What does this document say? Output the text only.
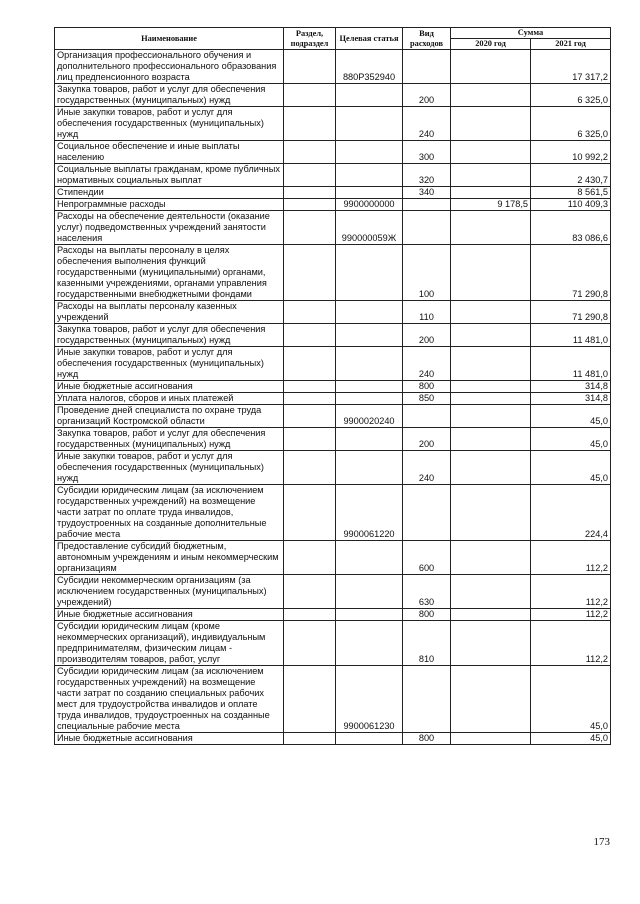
Наименование	Раздел, подраздел	Целевая статья	Вид расходов	Сумма	
				2020 год	2021 год
Организация профессионального обучения и дополнительного профессионального образования лиц предпенсионного возраста		880P352940			17 317,2
Закупка товаров, работ и услуг для обеспечения государственных (муниципальных) нужд			200		6 325,0
Иные закупки товаров, работ и услуг для обеспечения государственных (муниципальных) нужд			240		6 325,0
Социальное обеспечение и иные выплаты населению			300		10 992,2
Социальные выплаты гражданам, кроме публичных нормативных социальных выплат			320		2 430,7
Стипендии			340		8 561,5
Непрограммные расходы		9900000000		9 178,5	110 409,3
Расходы на обеспечение деятельности (оказание услуг) подведомственных учреждений занятости населения		990000059Ж			83 086,6
Расходы на выплаты персоналу в целях обеспечения выполнения функций государственными (муниципальными) органами, казенными учреждениями, органами управления государственными внебюджетными фондами			100		71 290,8
Расходы на выплаты персоналу казенных учреждений			110		71 290,8
Закупка товаров, работ и услуг для обеспечения государственных (муниципальных) нужд			200		11 481,0
Иные закупки товаров, работ и услуг для обеспечения государственных (муниципальных) нужд			240		11 481,0
Иные бюджетные ассигнования			800		314,8
Уплата налогов, сборов и иных платежей			850		314,8
Проведение дней специалиста по охране труда организаций Костромской области		9900020240			45,0
Закупка товаров, работ и услуг для обеспечения государственных (муниципальных) нужд			200		45,0
Иные закупки товаров, работ и услуг для обеспечения государственных (муниципальных) нужд			240		45,0
Субсидии юридическим лицам (за исключением государственных учреждений) на возмещение части затрат по оплате труда инвалидов, трудоустроенных на созданные дополнительные рабочие места		9900061220			224,4
Предоставление субсидий бюджетным, автономным учреждениям и иным некоммерческим организациям			600		112,2
Субсидии некоммерческим организациям (за исключением государственных (муниципальных) учреждений)			630		112,2
Иные бюджетные ассигнования			800		112,2
Субсидии юридическим лицам (кроме некоммерческих организаций), индивидуальным предпринимателям, физическим лицам - производителям товаров, работ, услуг			810		112,2
Субсидии юридическим лицам (за исключением государственных учреждений) на возмещение части затрат по созданию специальных рабочих мест для трудоустройства инвалидов и оплате труда инвалидов, трудоустроенных на созданные специальные рабочие места		9900061230			45,0
Иные бюджетные ассигнования			800		45,0
173
